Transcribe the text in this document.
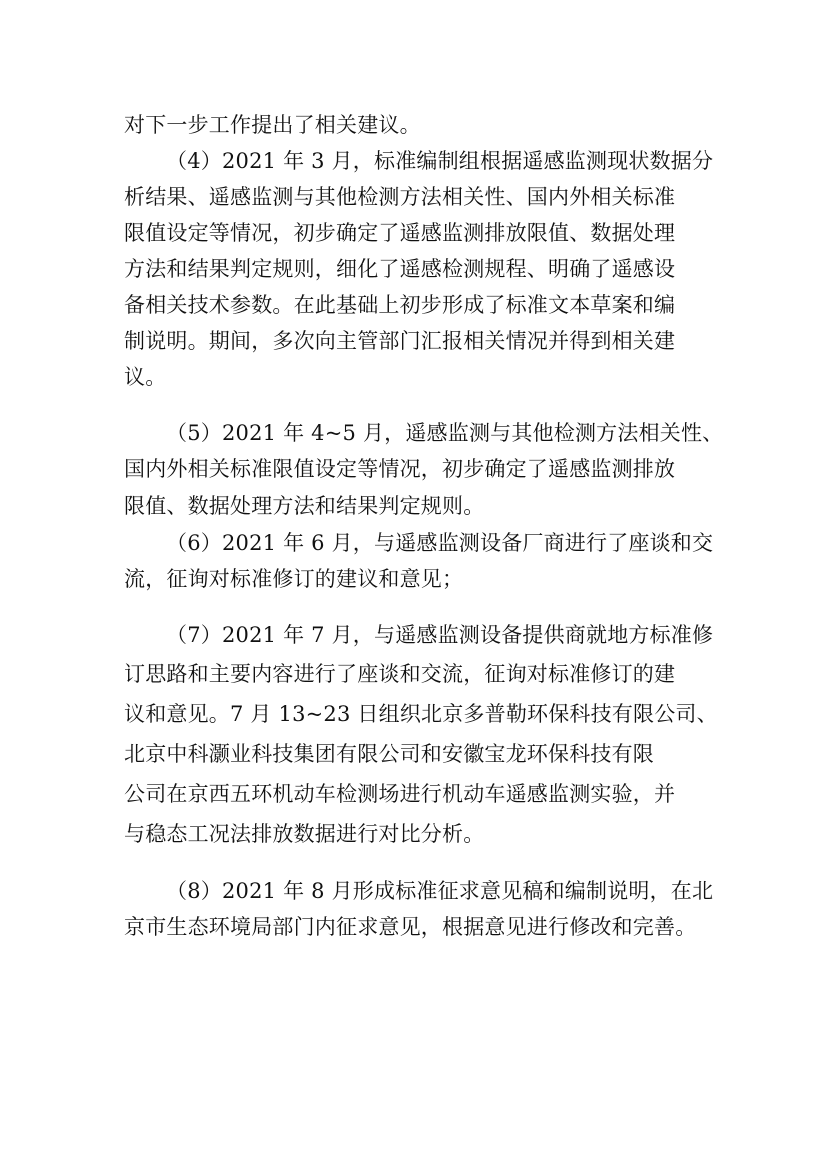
对下一步工作提出了相关建议。
（4）2021 年 3 月，标准编制组根据遥感监测现状数据分
析结果、遥感监测与其他检测方法相关性、国内外相关标准
限值设定等情况，初步确定了遥感监测排放限值、数据处理
方法和结果判定规则，细化了遥感检测规程、明确了遥感设
备相关技术参数。在此基础上初步形成了标准文本草案和编
制说明。期间，多次向主管部门汇报相关情况并得到相关建
议。
（5）2021 年 4~5 月，遥感监测与其他检测方法相关性、
国内外相关标准限值设定等情况，初步确定了遥感监测排放
限值、数据处理方法和结果判定规则。
（6）2021 年 6 月，与遥感监测设备厂商进行了座谈和交
流，征询对标准修订的建议和意见；
（7）2021 年 7 月，与遥感监测设备提供商就地方标准修
订思路和主要内容进行了座谈和交流，征询对标准修订的建
议和意见。7 月 13~23 日组织北京多普勒环保科技有限公司、
北京中科灏业科技集团有限公司和安徽宝龙环保科技有限
公司在京西五环机动车检测场进行机动车遥感监测实验，并
与稳态工况法排放数据进行对比分析。
（8）2021 年 8 月形成标准征求意见稿和编制说明，在北
京市生态环境局部门内征求意见，根据意见进行修改和完善。
